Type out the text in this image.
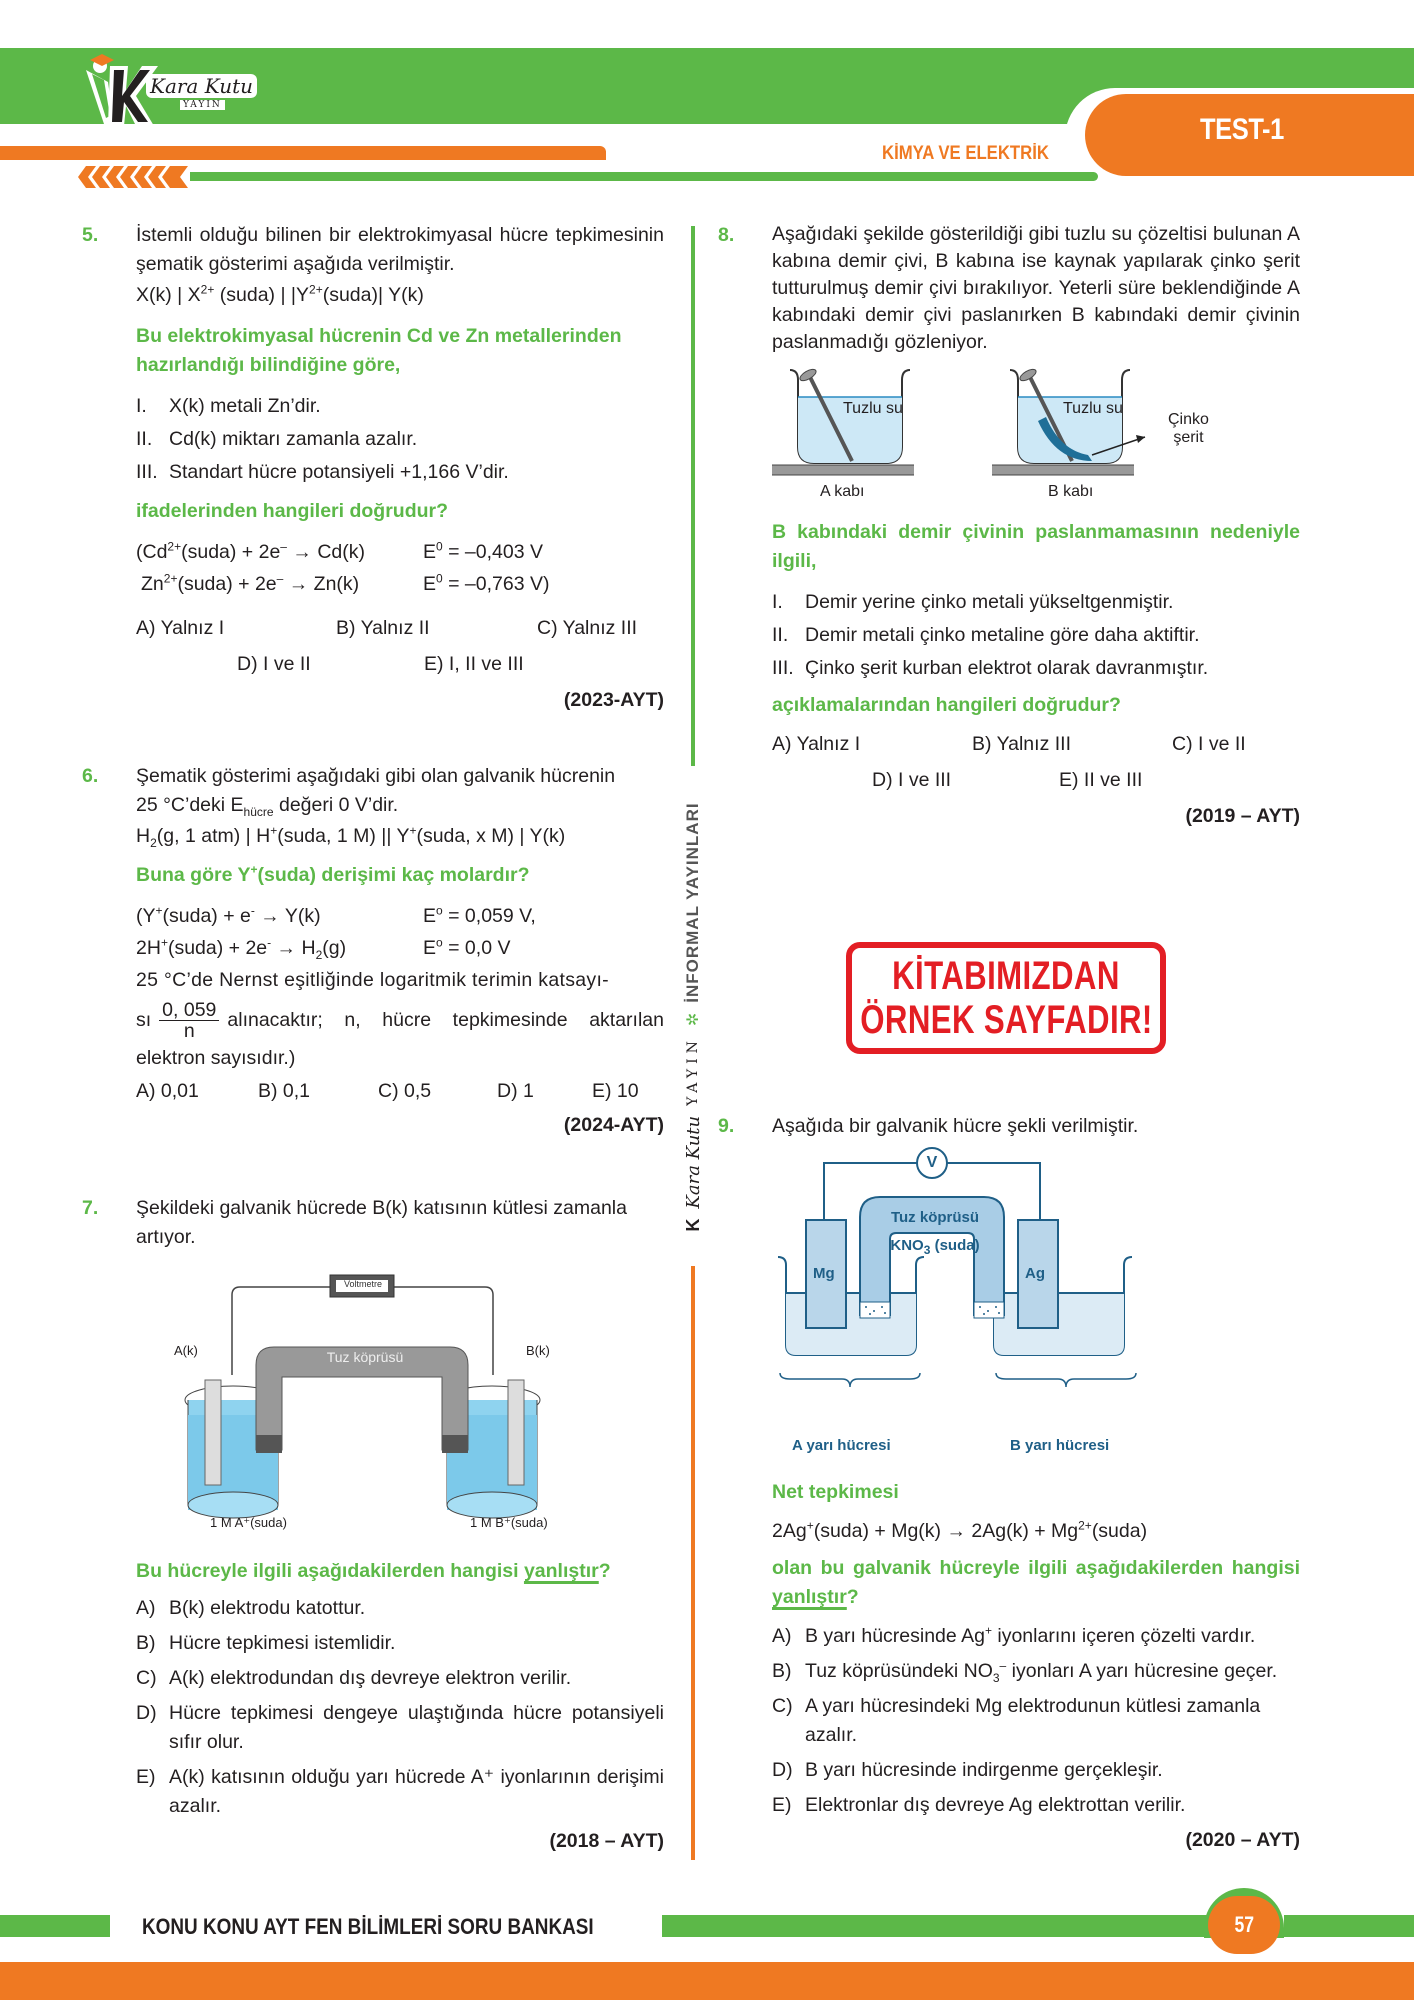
TEST-1
KİMYA VE ELEKTRİK
Kara Kutu
YAYIN
K
Kara Kutu
YAYIN
✲
İNFORMAL YAYINLARI
5. İstemli olduğu bilinen bir elektrokimyasal hücre tepkimesinin şematik gösterimi aşağıda verilmiştir.

X(k) | $X^{2+}$ (suda) | $|Y^{2+}(suda)|$ Y(k)

Bu elektrokimyasal hücrenin Cd ve Zn metallerinden hazırlandığı bilindiğine göre,

I.	X(k) metali Zn’dir.
II. Cd(k) miktarı zamanla azalır.
III. Standart hücre potansiyeli +1,166 V’dir.

ifadelerinden hangileri doğrudur?

($Cd^{2+}(suda) + 2e^- \to Cd(k)$	$E^0 = -0,403$ V
$Zn^{2+}(suda) + 2e^- \to Zn(k)$	$E^0 = -0,763$ V)
A) Yalnız I	B) Yalnız II	C) Yalnız III
D) I ve II	E) I, II ve III
(2023-AYT)
6. Şematik gösterimi aşağıdaki gibi olan galvanik hücrenin

25 °C’deki $E_{hücre}$ değeri 0 V’dir.

$H_2(g$, 1 atm) | H+(suda, 1 M) || Y+(suda, x M) | Y(k)

Buna göre Y+(suda) derişimi kaç molardır?

(Y+(suda) + e- → Y(k)	$E^o = 0,059$ V,
2H+(suda) + $2e^- \to H_2(g)$	$E^o = 0,0$ V

25 °C’de Nernst eşitliğinde logaritmik terimin katsayı-

sı $\frac{0, 059}{n}$ alınacaktır; n, hücre tepkimesinde aktarılan

elektron sayısıdır.)

A) 0,01	B) 0,1	C) 0,5	D) 1	E) 10
(2024-AYT)
7. Şekildeki galvanik hücrede B(k) katısının kütlesi zamanla artıyor.

Voltmetre
Tuz köprüsü
A(k)	B(k)
1 M A⁺(suda)	1 M B⁺(suda)

Bu hücreyle ilgili aşağıdakilerden hangisi yanlıştır?

A) B(k) elektrodu katottur.
B) Hücre tepkimesi istemlidir.
C) A(k) elektrodundan dış devreye elektron verilir.
D) Hücre tepkimesi dengeye ulaştığında hücre potansiyeli sıfır olur.
E) A(k) katısının olduğu yarı hücrede A⁺ iyonlarının derişimi azalır.
(2018 – AYT)
8. Aşağıdaki şekilde gösterildiği gibi tuzlu su çözeltisi bulunan A kabına demir çivi, B kabına ise kaynak yapılarak çinko şerit tutturulmuş demir çivi bırakılıyor. Yeterli süre beklendiğinde A kabındaki demir çivi paslanırken B kabındaki demir çivinin paslanmadığı gözleniyor.

Tuzlu su	Tuzlu su
Çinko
şerit
A kabı	B kabı

B kabındaki demir çivinin paslanmamasının nedeniyle ilgili,

I.	Demir yerine çinko metali yükseltgenmiştir.
II. Demir metali çinko metaline göre daha aktiftir.
III. Çinko şerit kurban elektrot olarak davranmıştır.

açıklamalarından hangileri doğrudur?

A) Yalnız I	B) Yalnız III	C) I ve II
D) I ve III	E) II ve III
(2019 – AYT)
KİTABIMIZDAN
ÖRNEK SAYFADIR!
9. Aşağıda bir galvanik hücre şekli verilmiştir.

V
Tuz köprüsü
$KNO_3$ (suda)
Mg	Ag
A yarı hücresi	B yarı hücresi

Net tepkimesi

2Ag+(suda) + $Mg(k) \to 2Ag(k) + Mg^{2+}(suda)$

olan bu galvanik hücreyle ilgili aşağıdakilerden hangisi yanlıştır?

A) B yarı hücresinde Ag+ iyonlarını içeren çözelti vardır.
B) Tuz köprüsündeki $NO_3^-$ iyonları A yarı hücresine geçer.
C) A yarı hücresindeki Mg elektrodunun kütlesi zamanla azalır.
D) B yarı hücresinde indirgenme gerçekleşir.
E) Elektronlar dış devreye Ag elektrottan verilir.
(2020 – AYT)
KONU KONU AYT FEN BİLİMLERİ SORU BANKASI	57
